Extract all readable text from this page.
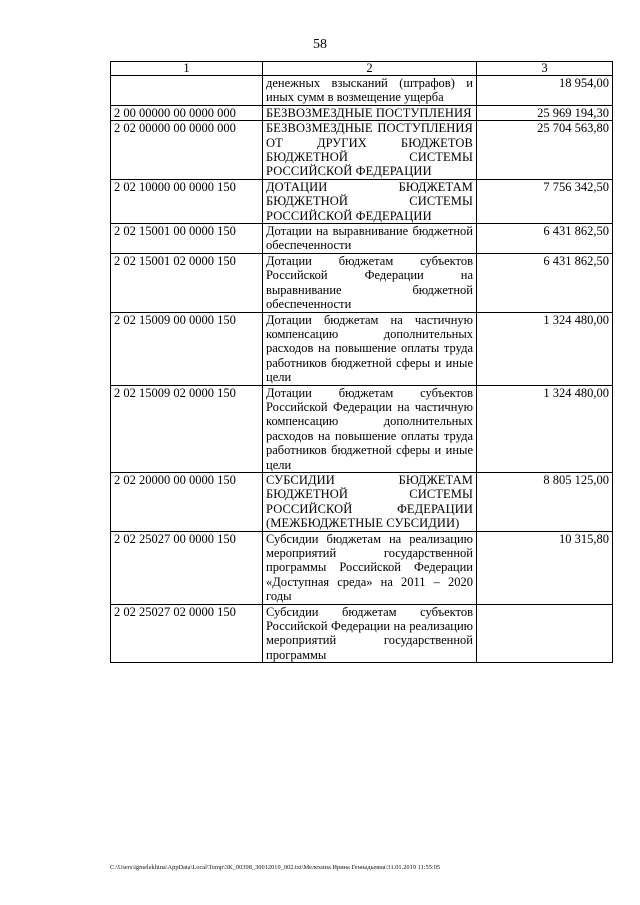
58
1	2	3
	денежных взысканий (штрафов) и иных сумм в возмещение ущерба	18 954,00
2 00 00000 00 0000 000	БЕЗВОЗМЕЗДНЫЕ ПОСТУПЛЕНИЯ	25 969 194,30
2 02 00000 00 0000 000	БЕЗВОЗМЕЗДНЫЕ ПОСТУПЛЕНИЯ ОТ ДРУГИХ БЮДЖЕТОВ БЮДЖЕТНОЙ СИСТЕМЫ РОССИЙСКОЙ ФЕДЕРАЦИИ	25 704 563,80
2 02 10000 00 0000 150	ДОТАЦИИ БЮДЖЕТАМ БЮДЖЕТНОЙ СИСТЕМЫ РОССИЙСКОЙ ФЕДЕРАЦИИ	7 756 342,50
2 02 15001 00 0000 150	Дотации на выравнивание бюджетной обеспеченности	6 431 862,50
2 02 15001 02 0000 150	Дотации бюджетам субъектов Российской Федерации на выравнивание бюджетной обеспеченности	6 431 862,50
2 02 15009 00 0000 150	Дотации бюджетам на частичную компенсацию дополнительных расходов на повышение оплаты труда работников бюджетной сферы и иные цели	1 324 480,00
2 02 15009 02 0000 150	Дотации бюджетам субъектов Российской Федерации на частичную компенсацию дополнительных расходов на повышение оплаты труда работников бюджетной сферы и иные цели	1 324 480,00
2 02 20000 00 0000 150	СУБСИДИИ БЮДЖЕТАМ БЮДЖЕТНОЙ СИСТЕМЫ РОССИЙСКОЙ ФЕДЕРАЦИИ (МЕЖБЮДЖЕТНЫЕ СУБСИДИИ)	8 805 125,00
2 02 25027 00 0000 150	Субсидии бюджетам на реализацию мероприятий государственной программы Российской Федерации «Доступная среда» на 2011 – 2020 годы	10 315,80
2 02 25027 02 0000 150	Субсидии бюджетам субъектов Российской Федерации на реализацию мероприятий государственной программы	
C:\Users\igmelekhina\AppData\Local\Temp\3K_00398_30012019_002.txt\Мелехина Ирина Геннадьевна\31.01.2019 11:55:05
